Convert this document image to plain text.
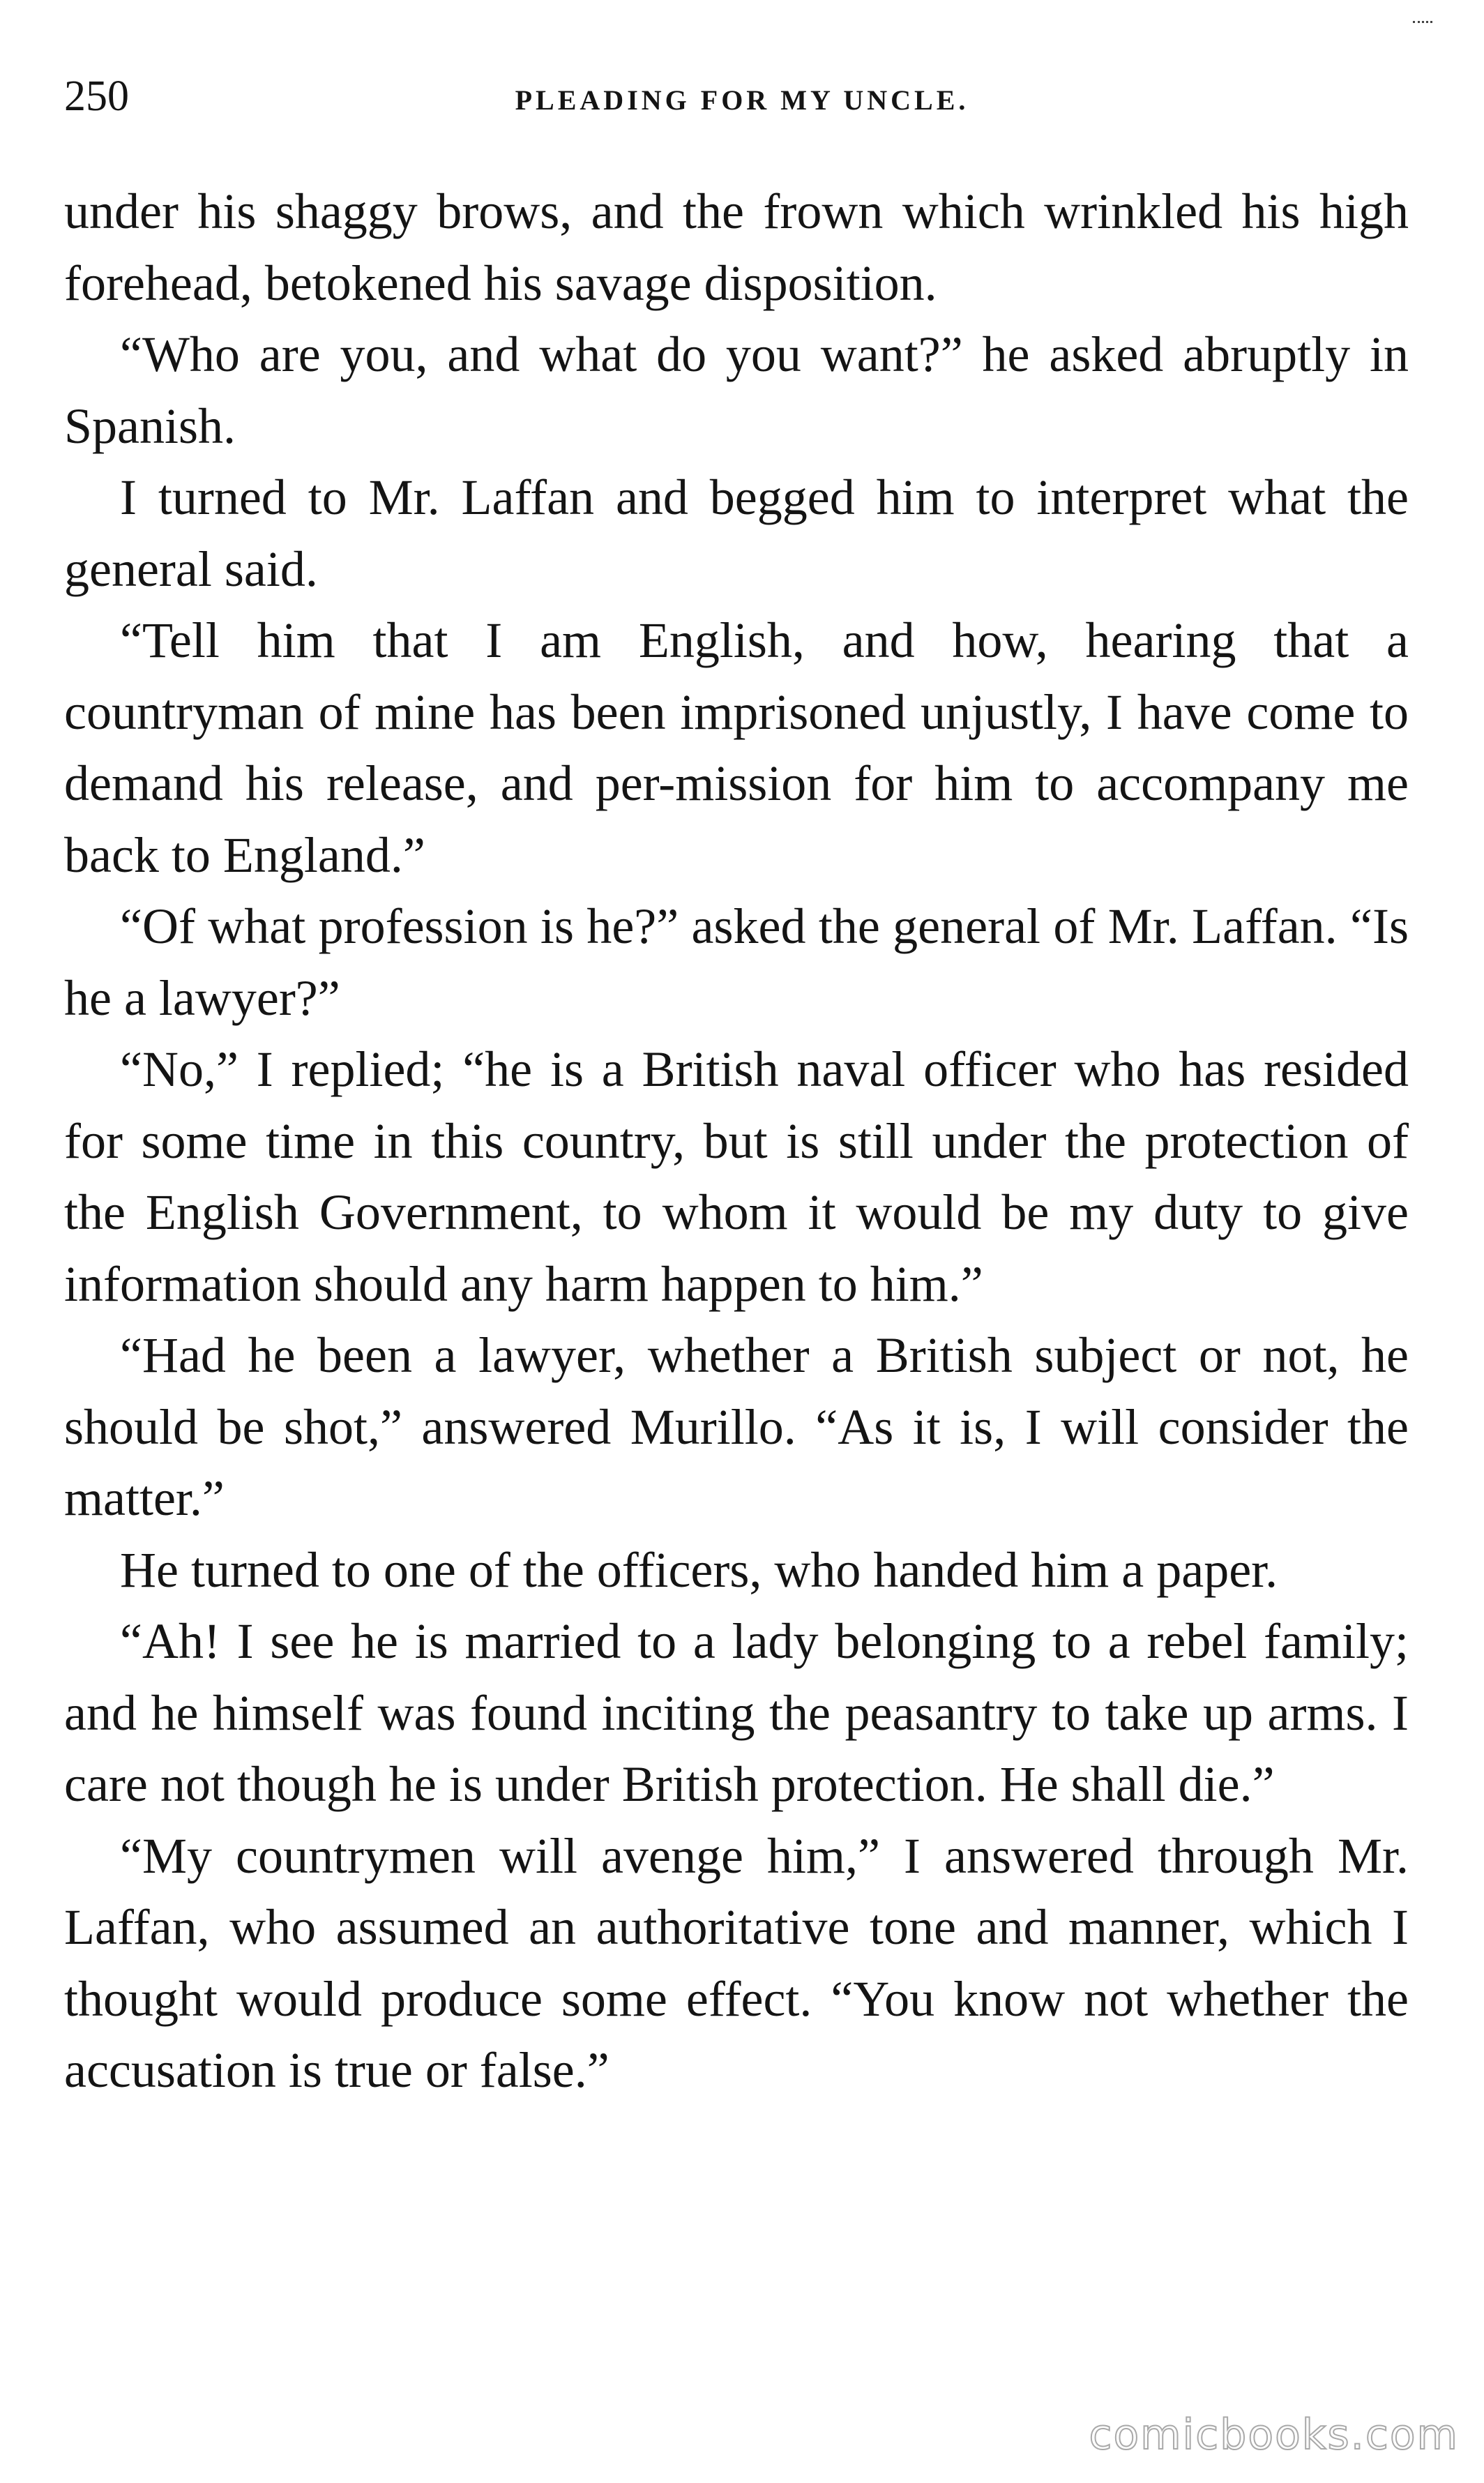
250	PLEADING FOR MY UNCLE.

under his shaggy brows, and the frown which wrinkled his high forehead, betokened his savage disposition.

“Who are you, and what do you want?” he asked abruptly in Spanish.

I turned to Mr. Laffan and begged him to interpret what the general said.

“Tell him that I am English, and how, hearing that a countryman of mine has been imprisoned unjustly, I have come to demand his release, and per-mission for him to accompany me back to England.”

“Of what profession is he?” asked the general of Mr. Laffan. “Is he a lawyer?”

“No,” I replied; “he is a British naval officer who has resided for some time in this country, but is still under the protection of the English Government, to whom it would be my duty to give information should any harm happen to him.”

“Had he been a lawyer, whether a British subject or not, he should be shot,” answered Murillo. “As it is, I will consider the matter.”

He turned to one of the officers, who handed him a paper.

“Ah! I see he is married to a lady belonging to a rebel family; and he himself was found inciting the peasantry to take up arms. I care not though he is under British protection. He shall die.”

“My countrymen will avenge him,” I answered through Mr. Laffan, who assumed an authoritative tone and manner, which I thought would produce some effect. “You know not whether the accusation is true or false.”

comicbooks.com
